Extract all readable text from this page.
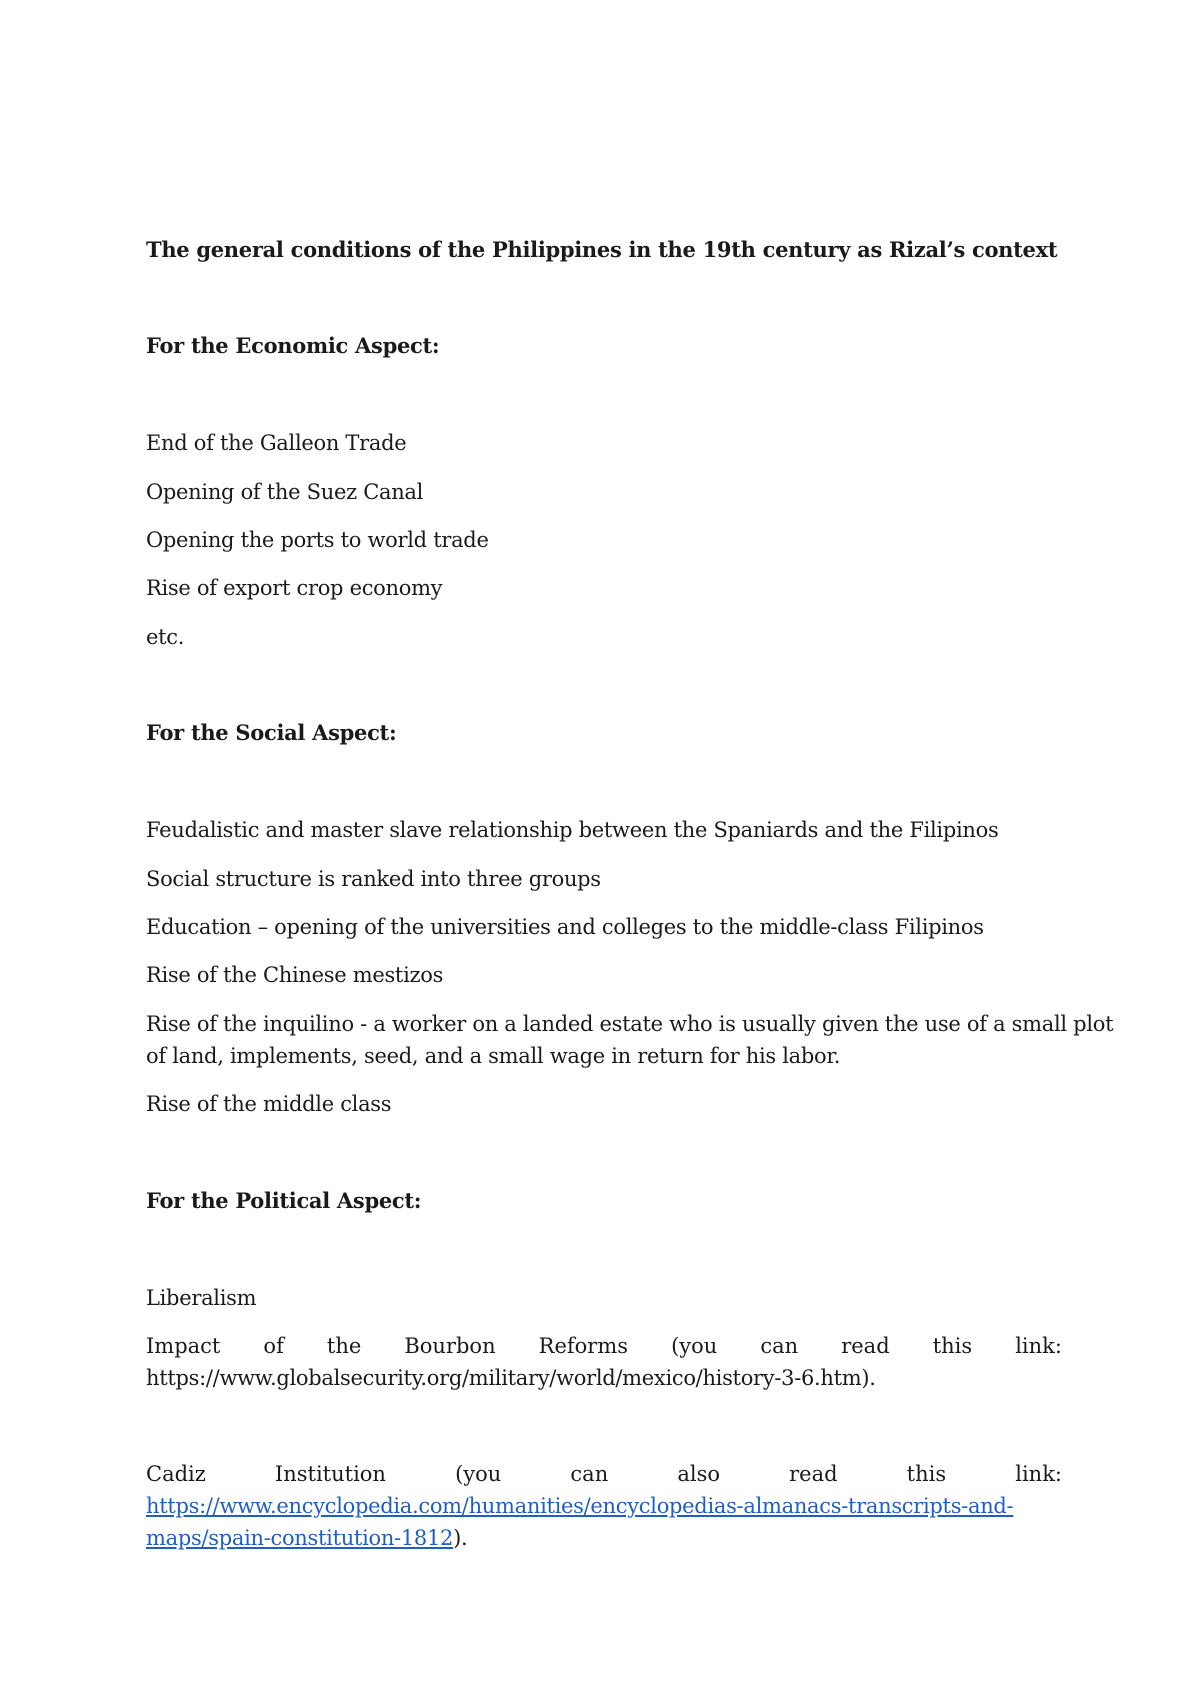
The general conditions of the Philippines in the 19th century as Rizal’s context
For the Economic Aspect:
End of the Galleon Trade
Opening of the Suez Canal
Opening the ports to world trade
Rise of export crop economy
etc.
For the Social Aspect:
Feudalistic and master slave relationship between the Spaniards and the Filipinos
Social structure is ranked into three groups
Education – opening of the universities and colleges to the middle-class Filipinos
Rise of the Chinese mestizos
Rise of the inquilino - a worker on a landed estate who is usually given the use of a small plot
of land, implements, seed, and a small wage in return for his labor.
Rise of the middle class
For the Political Aspect:
Liberalism
Impact of the Bourbon Reforms (you can read this link:
https://www.globalsecurity.org/military/world/mexico/history-3-6.htm).
Cadiz	Institution	(you	can	also	read	this	link:
https://www.encyclopedia.com/humanities/encyclopedias-almanacs-transcripts-and-
maps/spain-constitution-1812).
